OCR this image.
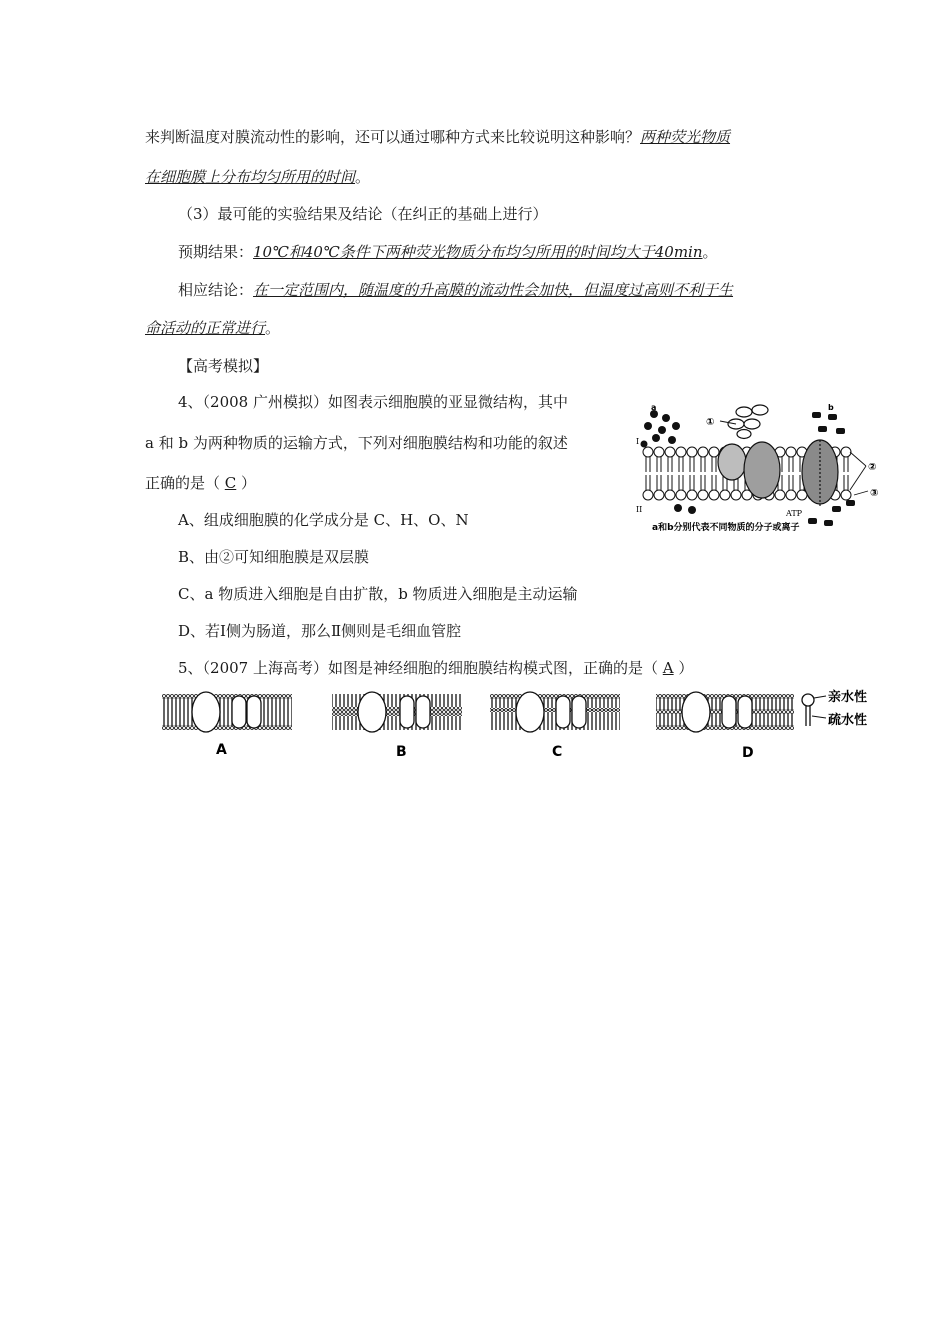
来判断温度对膜流动性的影响，还可以通过哪种方式来比较说明这种影响？两种荧光物质
在细胞膜上分布均匀所用的时间。
（3）最可能的实验结果及结论（在纠正的基础上进行）
预期结果：10℃和40℃条件下两种荧光物质分布均匀所用的时间均大于40min。
相应结论：在一定范围内，随温度的升高膜的流动性会加快，但温度过高则不利于生
命活动的正常进行。
【高考模拟】
4、（2008 广州模拟）如图表示细胞膜的亚显微结构，其中
a 和 b 为两种物质的运输方式，下列对细胞膜结构和功能的叙述
正确的是（ C ）
A、组成细胞膜的化学成分是 C、H、O、N
B、由②可知细胞膜是双层膜
C、a 物质进入细胞是自由扩散，b 物质进入细胞是主动运输
D、若Ⅰ侧为肠道，那么Ⅱ侧则是毛细血管腔
a	b
①
②
③
I
II	ATP
a和b分别代表不同物质的分子或离子
5、（2007 上海高考）如图是神经细胞的细胞膜结构模式图，正确的是（ A ）
亲水性
疏水性
A	B	C	D
